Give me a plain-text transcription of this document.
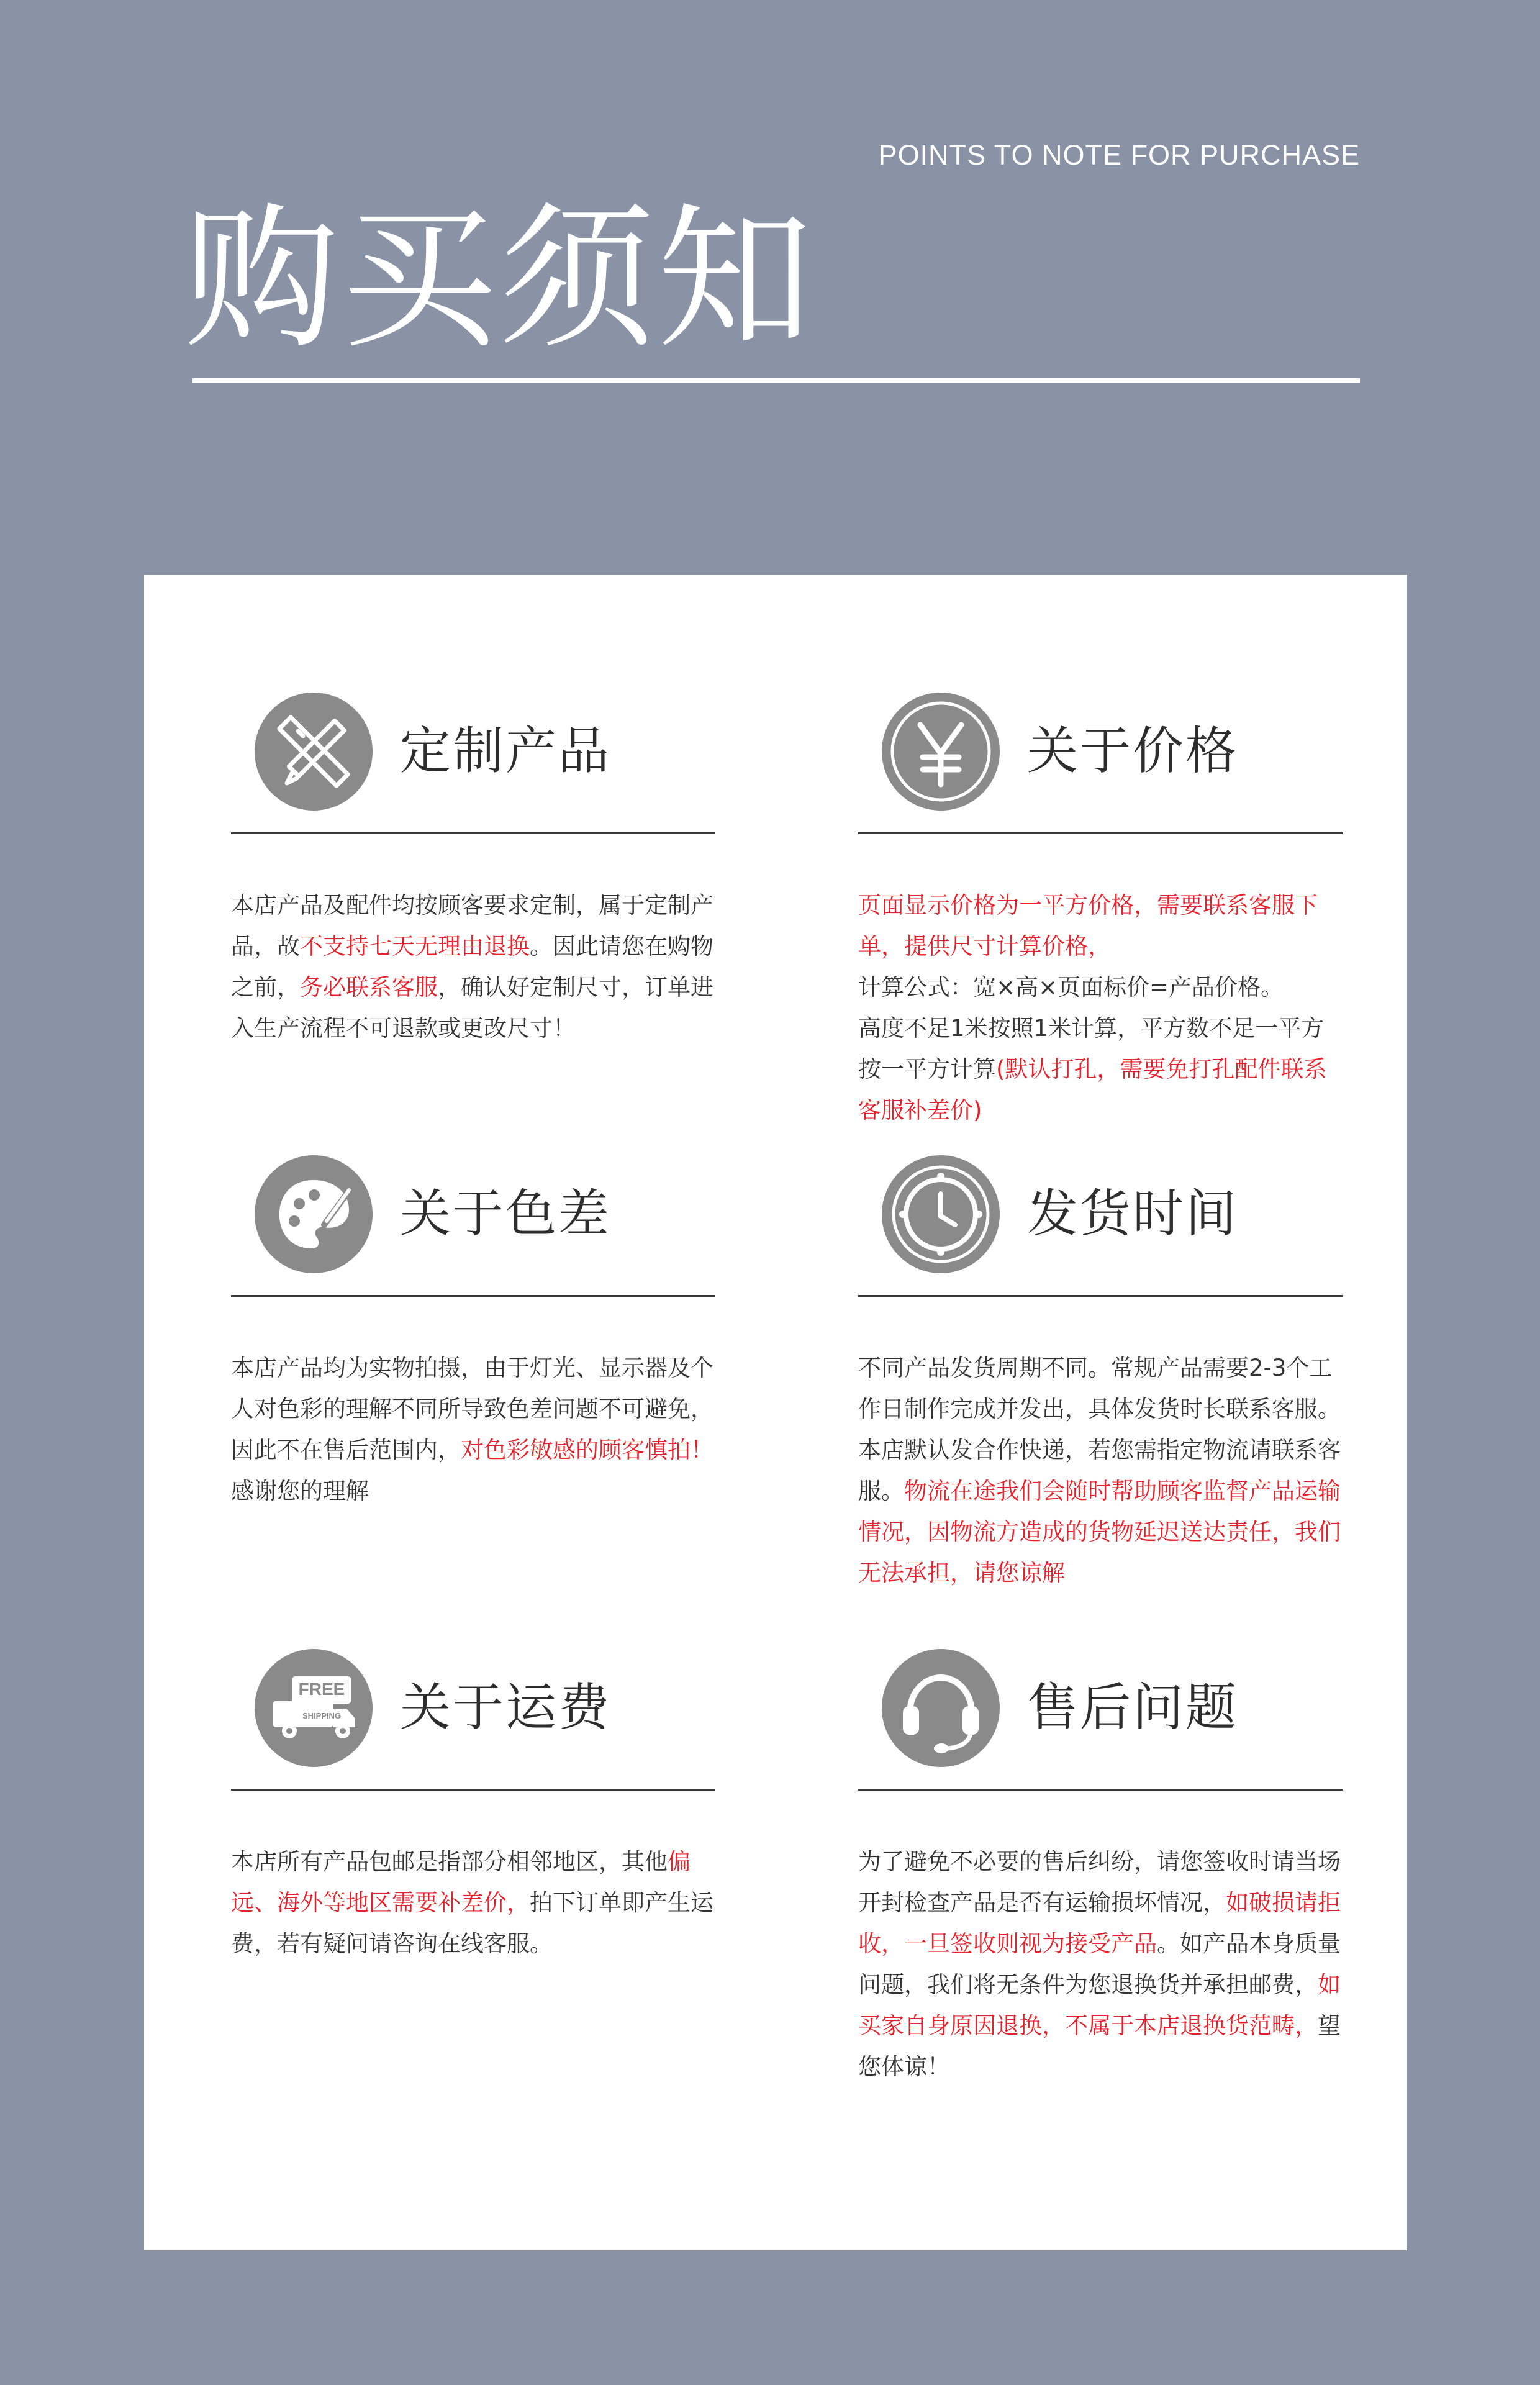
POINTS TO NOTE FOR PURCHASE
购买须知
定制产品

本店产品及配件均按顾客要求定制，属于定制产品，故不支持七天无理由退换。因此请您在购物之前，务必联系客服，确认好定制尺寸，订单进入生产流程不可退款或更改尺寸！

关于价格

页面显示价格为一平方价格，需要联系客服下单，提供尺寸计算价格，

计算公式：宽×高×页面标价=产品价格。

高度不足1米按照1米计算，平方数不足一平方按一平方计算(默认打孔，需要免打孔配件联系客服补差价)

关于色差

本店产品均为实物拍摄，由于灯光、显示器及个人对色彩的理解不同所导致色差问题不可避免，因此不在售后范围内，对色彩敏感的顾客慎拍！感谢您的理解

发货时间

不同产品发货周期不同。常规产品需要2-3个工作日制作完成并发出，具体发货时长联系客服。本店默认发合作快递，若您需指定物流请联系客服。物流在途我们会随时帮助顾客监督产品运输情况，因物流方造成的货物延迟送达责任，我们无法承担，请您谅解

FREE
SHIPPING 关于运费

本店所有产品包邮是指部分相邻地区，其他偏远、海外等地区需要补差价，拍下订单即产生运费，若有疑问请咨询在线客服。

售后问题

为了避免不必要的售后纠纷，请您签收时请当场开封检查产品是否有运输损坏情况，如破损请拒收，一旦签收则视为接受产品。如产品本身质量问题，我们将无条件为您退换货并承担邮费，如买家自身原因退换，不属于本店退换货范畴，望您体谅！
